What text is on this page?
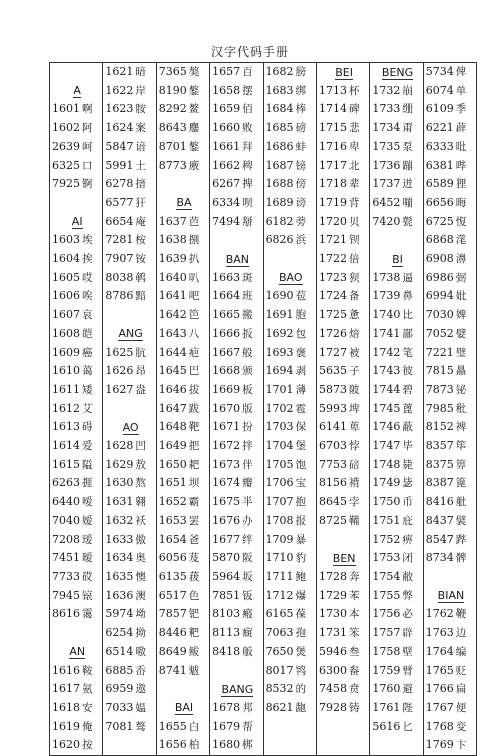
汉字代码手册
	1621 暗	7365 獒	1657 百	1682 膀	BEI	BENG	5734 俾
A	1622 岸	8190 鏊	1658 摆	1683 绑	1713 杯	1732 崩	6074 单
1601 啊	1623 胺	8292 鳌	1659 佰	1684 棒	1714 碑	1733 绷	6109 季
1602 阿	1624 案	8643 鏖	1660 败	1685 磅	1715 悲	1734 甭	6221 薜
2639 呵	5847 谙	8701 鏊	1661 拜	1686 蚌	1716 卑	1735 泵	6333 吡
6325 口	5991 土	8773 廒	1662 稗	1687 镑	1717 北	1736 蹦	6381 哔
7925 锕	6278 揞		6267 捭	1688 傍	1718 辈	1737 迸	6589 狸
	6577 犴	BA	6334 呗	1689 谤	1719 背	6452 嘣	6656 晦
AI	6654 庵	1637 芭	7494 掰	6182 蒡	1720 贝	7420 甏	6725 愎
1603 埃	7281 桉	1638 捌		6826 浜	1721 钡		6868 滗
1604 挨	7907 铵	1639 扒	BAN		1722 倍	BI	6908 濞
1605 哎	8038 鹌	1640 叭	1663 斑	BAO	1723 狈	1738 逼	6986 弼
1606 唉	8786 黯	1641 吧	1664 班	1690 苞	1724 备	1739 鼻	6994 妣
1607 哀		1642 笆	1665 搬	1691 胞	1725 惫	1740 比	7030 婢
1608 皑	ANG	1643 八	1666 扳	1692 包	1726 焙	1741 鄙	7052 嬖
1609 癌	1625 肮	1644 疤	1667 般	1693 褒	1727 被	1742 笔	7221 璧
1610 蔼	1626 昂	1645 巴	1668 颁	1694 剥	5635 子	1743 彼	7815 贔
1611 矮	1627 盎	1646 拔	1669 板	1701 薄	5873 陂	1744 碧	7873 铋
1612 艾		1647 跋	1670 版	1702 雹	5993 埤	1745 蓖	7985 秕
1613 碍	AO	1648 靶	1671 扮	1703 保	6141 萆	1746 蔽	8152 裨
1614 爱	1628 凹	1649 把	1672 拌	1704 堡	6703 悖	1747 毕	8357 筚
1615 隘	1629 敖	1650 耙	1673 伴	1705 饱	7753 碚	1748 毙	8375 箅
6263 捱	1630 熬	1651 坝	1674 瓣	1706 宝	8156 褙	1749 毖	8387 篦
6440 嗳	1631 翱	1652 霸	1675 半	1707 抱	8645 孛	1750 币	8416 舭
7040 嫒	1632 袄	1653 罢	1676 办	1708 报	8725 鞴	1751 庇	8437 襞
7208 瑷	1633 傲	1654 爸	1677 绊	1709 暴		1752 痹	8547 跸
7451 暧	1634 奥	6056 芨	5870 阪	1710 豹	BEN	1753 闭	8734 髀
7733 砹	1635 懊	6135 菝	5964 坂	1711 鲍	1728 奔	1754 敝	
7945 锿	1636 澳	6517 色	7851 钣	1712 爆	1729 苯	1755 弊	BIAN
8616 霭	5974 坳	7857 钯	8103 瘢	6165 葆	1730 本	1756 必	1762 鞭
	6254 拗	8446 粑	8113 癍	7063 孢	1731 笨	1757 辟	1763 边
AN	6514 嗷	8649 鲅	8418 舨	7650 煲	5946 叁	1758 壁	1764 编
1616 鞍	6885 岙	8741 魃		8017 鸨	6300 畚	1759 臂	1765 贬
1617 氨	6959 遨		BANG	8532 的	7458 贲	1760 避	1766 扁
1618 安	7033 媪	BAI	1678 邦	8621 龅	7928 铸	1761 陛	1767 便
1619 俺	7081 骜	1655 白	1679 帮			5616 匕	1768 变
1620 按		1656 柏	1680 梆				1769 卞
